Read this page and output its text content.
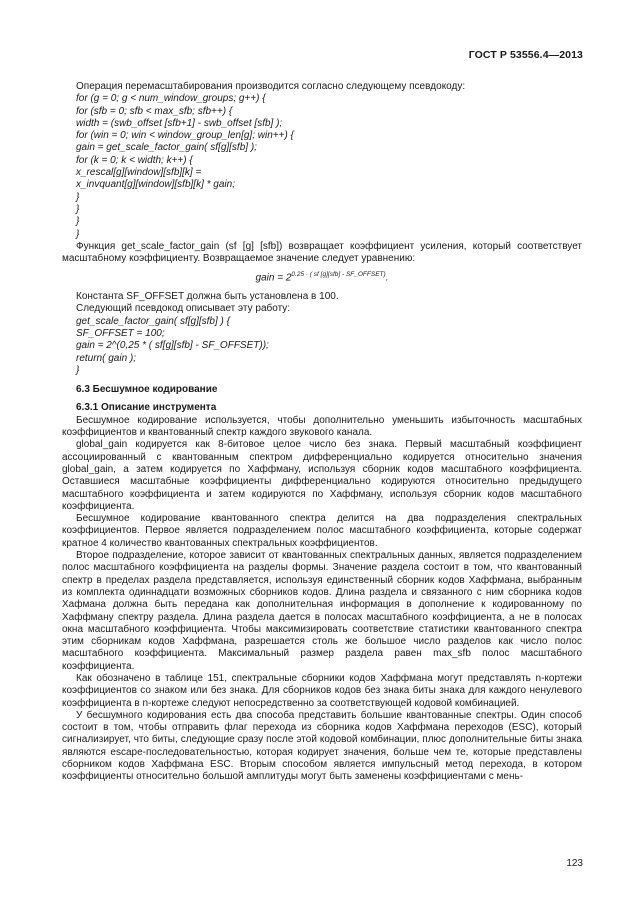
ГОСТ Р 53556.4—2013

Операция перемасштабирования производится согласно следующему псевдокоду:

for (g = 0; g < num_window_groups; g++) {

for (sfb = 0; sfb < max_sfb; sfb++) {

width = (swb_offset [sfb+1] - swb_offset [sfb] );

for (win = 0; win < window_group_len[g]; win++) {

gain = get_scale_factor_gain( sf[g][sfb] );

for (k = 0; k < width; k++) {

x_rescal[g][window][sfb][k] =

x_invquant[g][window][sfb][k] * gain;

}

}

}

}

Функция get_scale_factor_gain (sf [g] [sfb]) возвращает коэффициент усиления, который соответствует масштабному коэффициенту. Возвращаемое значение следует уравнению:

gain = $2^{0.25 \cdot ( sf [g][sfb] - SF\_OFFSET)}$.

Константа SF_OFFSET должна быть установлена в 100.

Следующий псевдокод описывает эту работу:

get_scale_factor_gain( sf[g][sfb] ) {

SF_OFFSET = 100;

gain = 2^(0,25 * ( sf[g][sfb] - SF_OFFSET));

return( gain );

}

6.3 Бесшумное кодирование

6.3.1 Описание инструмента

Бесшумное кодирование используется, чтобы дополнительно уменьшить избыточность масштабных коэффициентов и квантованный спектр каждого звукового канала.

global_gain кодируется как 8-битовое целое число без знака. Первый масштабный коэффициент ассоциированный с квантованным спектром дифференциально кодируется относительно значения global_gain, а затем кодируется по Хаффману, используя сборник кодов масштабного коэффициента. Оставшиеся масштабные коэффициенты дифференциально кодируются относительно предыдущего масштабного коэффициента и затем кодируются по Хаффману, используя сборник кодов масштабного коэффициента.

Бесшумное кодирование квантованного спектра делится на два подразделения спектральных коэффициентов. Первое является подразделением полос масштабного коэффициента, которые содержат кратное 4 количество квантованных спектральных коэффициентов.

Второе подразделение, которое зависит от квантованных спектральных данных, является подразделением полос масштабного коэффициента на разделы формы. Значение раздела состоит в том, что квантованный спектр в пределах раздела представляется, используя единственный сборник кодов Хаффмана, выбранным из комплекта одиннадцати возможных сборников кодов. Длина раздела и связанного с ним сборника кодов Хафмана должна быть передана как дополнительная информация в дополнение к кодированному по Хаффману спектру раздела. Длина раздела дается в полосах масштабного коэффициента, а не в полосах окна масштабного коэффициента. Чтобы максимизировать соответствие статистики квантованного спектра этим сборникам кодов Хаффмана, разрешается столь же большое число разделов как число полос масштабного коэффициента. Максимальный размер раздела равен max_sfb полос масштабного коэффициента.

Как обозначено в таблице 151, спектральные сборники кодов Хаффмана могут представлять n-кортежи коэффициентов со знаком или без знака. Для сборников кодов без знака биты знака для каждого ненулевого коэффициента в n-кортеже следуют непосредственно за соответствующей кодовой комбинацией.

У бесшумного кодирования есть два способа представить большие квантованные спектры. Один способ состоит в том, чтобы отправить флаг перехода из сборника кодов Хаффмана переходов (ESC), который сигнализирует, что биты, следующие сразу после этой кодовой комбинации, плюс дополнительные биты знака являются escape-последовательностью, которая кодирует значения, больше чем те, которые представлены сборником кодов Хаффмана ESC. Вторым способом является импульсный метод перехода, в котором коэффициенты относительно большой амплитуды могут быть заменены коэффициентами с мень-

123
